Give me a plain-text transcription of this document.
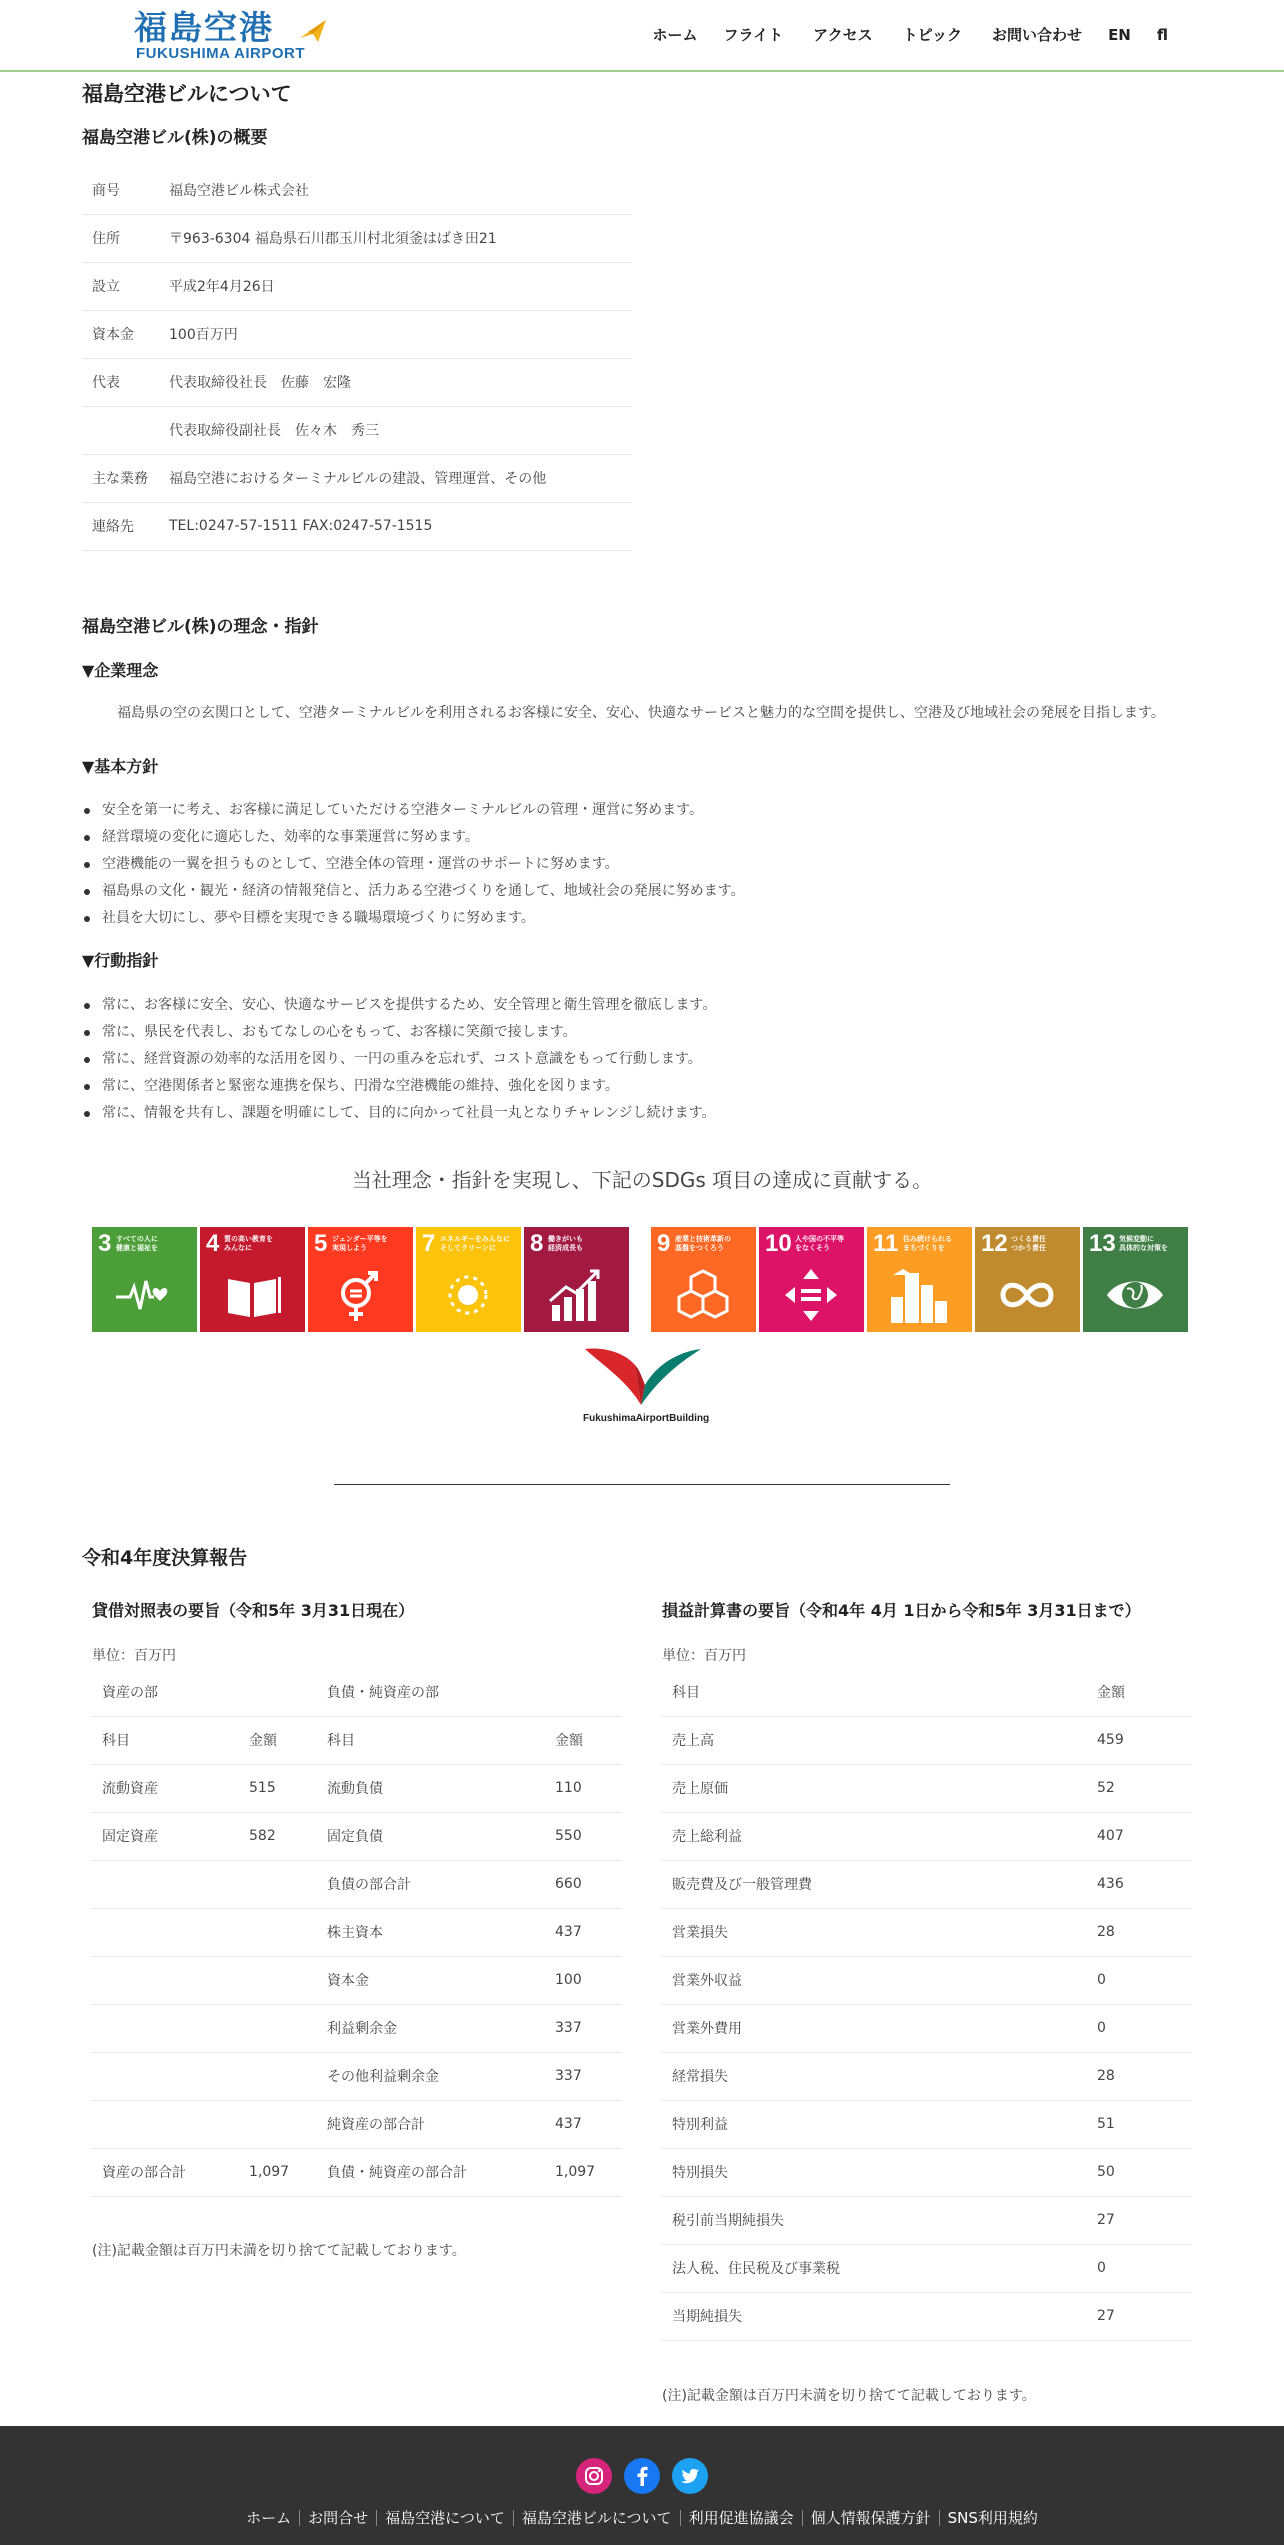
福島空港
FUKUSHIMA AIRPORT
ホーム フライト アクセス トピック お問い合わせ EN fl
福島空港ビルについて
福島空港ビル(株)の概要
商号	福島空港ビル株式会社
住所	〒963-6304 福島県石川郡玉川村北須釜はばき田21
設立	平成2年4月26日
資本金	100百万円
代表	代表取締役社長　佐藤　宏隆
	代表取締役副社長　佐々木　秀三
主な業務	福島空港におけるターミナルビルの建設、管理運営、その他
連絡先	TEL:0247-57-1511 FAX:0247-57-1515
福島空港ビル(株)の理念・指針
▼企業理念
福島県の空の玄関口として、空港ターミナルビルを利用されるお客様に安全、安心、快適なサービスと魅力的な空間を提供し、空港及び地域社会の発展を目指します。
▼基本方針
安全を第一に考え、お客様に満足していただける空港ターミナルビルの管理・運営に努めます。
経営環境の変化に適応した、効率的な事業運営に努めます。
空港機能の一翼を担うものとして、空港全体の管理・運営のサポートに努めます。
福島県の文化・観光・経済の情報発信と、活力ある空港づくりを通して、地域社会の発展に努めます。
社員を大切にし、夢や目標を実現できる職場環境づくりに努めます。
▼行動指針
常に、お客様に安全、安心、快適なサービスを提供するため、安全管理と衛生管理を徹底します。
常に、県民を代表し、おもてなしの心をもって、お客様に笑顔で接します。
常に、経営資源の効率的な活用を図り、一円の重みを忘れず、コスト意識をもって行動します。
常に、空港関係者と緊密な連携を保ち、円滑な空港機能の維持、強化を図ります。
常に、情報を共有し、課題を明確にして、目的に向かって社員一丸となりチャレンジし続けます。
当社理念・指針を実現し、下記のSDGs 項目の達成に貢献する。
3 すべての人に
健康と福祉を 4 質の高い教育を
みんなに	5 ジェンダー平等を
実現しよう	7 エネルギーをみんなに
そしてクリーンに	8 働きがいも
経済成長も	9 産業と技術革新の
基盤をつくろう 10 人や国の不平等
をなくそう	11 住み続けられる
まちづくりを 12 つくる責任
つかう責任 13 気候変動に
具体的な対策を
FukushimaAirportBuilding
令和4年度決算報告
貸借対照表の要旨（令和5年 3月31日現在）
単位：百万円
資産の部		負債・純資産の部	
科目	金額	科目	金額
流動資産	515	流動負債	110
固定資産	582	固定負債	550
		負債の部合計	660
		株主資本	437
		資本金	100
		利益剰余金	337
		その他利益剰余金	337
		純資産の部合計	437
資産の部合計	1,097	負債・純資産の部合計	1,097
(注)記載金額は百万円未満を切り捨てて記載しております。
損益計算書の要旨（令和4年 4月 1日から令和5年 3月31日まで）
単位：百万円
科目	金額
売上高	459
売上原価	52
売上総利益	407
販売費及び一般管理費	436
営業損失	28
営業外収益	0
営業外費用	0
経常損失	28
特別利益	51
特別損失	50
税引前当期純損失	27
法人税、住民税及び事業税	0
当期純損失	27
(注)記載金額は百万円未満を切り捨てて記載しております。
ホーム	お問合せ	福島空港について	福島空港ビルについて	利用促進協議会	個人情報保護方針	SNS利用規約
